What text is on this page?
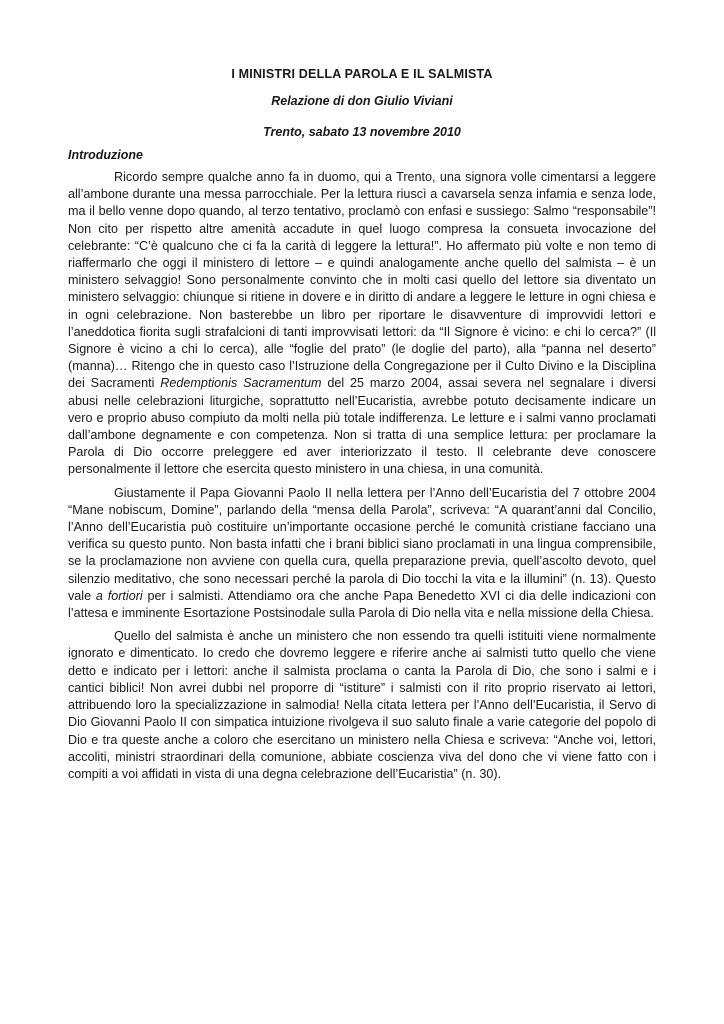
I MINISTRI DELLA PAROLA E IL SALMISTA
Relazione di don Giulio Viviani
Trento, sabato 13 novembre 2010
Introduzione

Ricordo sempre qualche anno fa in duomo, qui a Trento, una signora volle cimentarsi a leggere all’ambone durante una messa parrocchiale. Per la lettura riuscì a cavarsela senza infamia e senza lode, ma il bello venne dopo quando, al terzo tentativo, proclamò con enfasi e sussiego: Salmo “responsabile”! Non cito per rispetto altre amenità accadute in quel luogo compresa la consueta invocazione del celebrante: “C’è qualcuno che ci fa la carità di leggere la lettura!”. Ho affermato più volte e non temo di riaffermarlo che oggi il ministero di lettore – e quindi analogamente anche quello del salmista – è un ministero selvaggio! Sono personalmente convinto che in molti casi quello del lettore sia diventato un ministero selvaggio: chiunque si ritiene in dovere e in diritto di andare a leggere le letture in ogni chiesa e in ogni celebrazione. Non basterebbe un libro per riportare le disavventure di improvvidi lettori e l’aneddotica fiorita sugli strafalcioni di tanti improvvisati lettori: da “Il Signore è vicino: e chi lo cerca?” (Il Signore è vicino a chi lo cerca), alle “foglie del prato” (le doglie del parto), alla “panna nel deserto” (manna)… Ritengo che in questo caso l’Istruzione della Congregazione per il Culto Divino e la Disciplina dei Sacramenti Redemptionis Sacramentum del 25 marzo 2004, assai severa nel segnalare i diversi abusi nelle celebrazioni liturgiche, soprattutto nell’Eucaristia, avrebbe potuto decisamente indicare un vero e proprio abuso compiuto da molti nella più totale indifferenza. Le letture e i salmi vanno proclamati dall’ambone degnamente e con competenza. Non si tratta di una semplice lettura: per proclamare la Parola di Dio occorre preleggere ed aver interiorizzato il testo. Il celebrante deve conoscere personalmente il lettore che esercita questo ministero in una chiesa, in una comunità.

Giustamente il Papa Giovanni Paolo II nella lettera per l’Anno dell’Eucaristia del 7 ottobre 2004 “Mane nobiscum, Domine”, parlando della “mensa della Parola”, scriveva: “A quarant’anni dal Concilio, l’Anno dell’Eucaristia può costituire un’importante occasione perché le comunità cristiane facciano una verifica su questo punto. Non basta infatti che i brani biblici siano proclamati in una lingua comprensibile, se la proclamazione non avviene con quella cura, quella preparazione previa, quell’ascolto devoto, quel silenzio meditativo, che sono necessari perché la parola di Dio tocchi la vita e la illumini” (n. 13). Questo vale a fortiori per i salmisti. Attendiamo ora che anche Papa Benedetto XVI ci dia delle indicazioni con l’attesa e imminente Esortazione Postsinodale sulla Parola di Dio nella vita e nella missione della Chiesa.

Quello del salmista è anche un ministero che non essendo tra quelli istituiti viene normalmente ignorato e dimenticato. Io credo che dovremo leggere e riferire anche ai salmisti tutto quello che viene detto e indicato per i lettori: anche il salmista proclama o canta la Parola di Dio, che sono i salmi e i cantici biblici! Non avrei dubbi nel proporre di “istiture” i salmisti con il rito proprio riservato ai lettori, attribuendo loro la specializzazione in salmodia! Nella citata lettera per l’Anno dell’Eucaristia, il Servo di Dio Giovanni Paolo II con simpatica intuizione rivolgeva il suo saluto finale a varie categorie del popolo di Dio e tra queste anche a coloro che esercitano un ministero nella Chiesa e scriveva: “Anche voi, lettori, accoliti, ministri straordinari della comunione, abbiate coscienza viva del dono che vi viene fatto con i compiti a voi affidati in vista di una degna celebrazione dell’Eucaristia” (n. 30).
